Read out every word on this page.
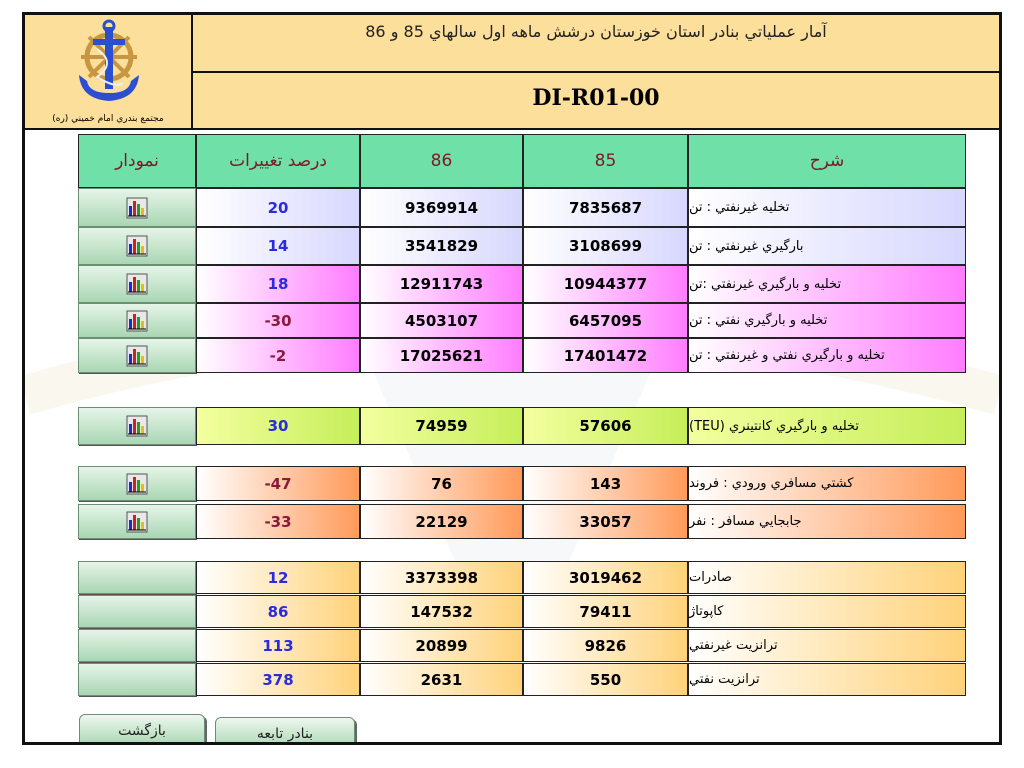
مجتمع بندري امام خميني (ره)
آمار عملياتي بنادر استان خوزستان درشش ماهه اول سالهاي 85 و 86
DI-R01-00
نمودار	درصد تغييرات	86	85	شرح
20	9369914	7835687	تخليه غيرنفتي : تن
14	3541829	3108699	بارگيري غيرنفتي : تن
18	12911743	10944377	تخليه و بارگيري غيرنفتي :تن
-30	4503107	6457095	تخليه و بارگيري نفتي : تن
-2	17025621	17401472	تخليه و بارگيري نفتي و غيرنفتي : تن
30	74959	57606	تخليه و بارگيري كانتينري (TEU)
-47	76	143	كشتي مسافري ورودي : فروند
-33	22129	33057	جابجايي مسافر : نفر
12	3373398	3019462	صادرات
86	147532	79411	كاپوتاژ
113	20899	9826	ترانزيت غيرنفتي
378	2631	550	ترانزيت نفتي
بازگشت	بنادر تابعه
